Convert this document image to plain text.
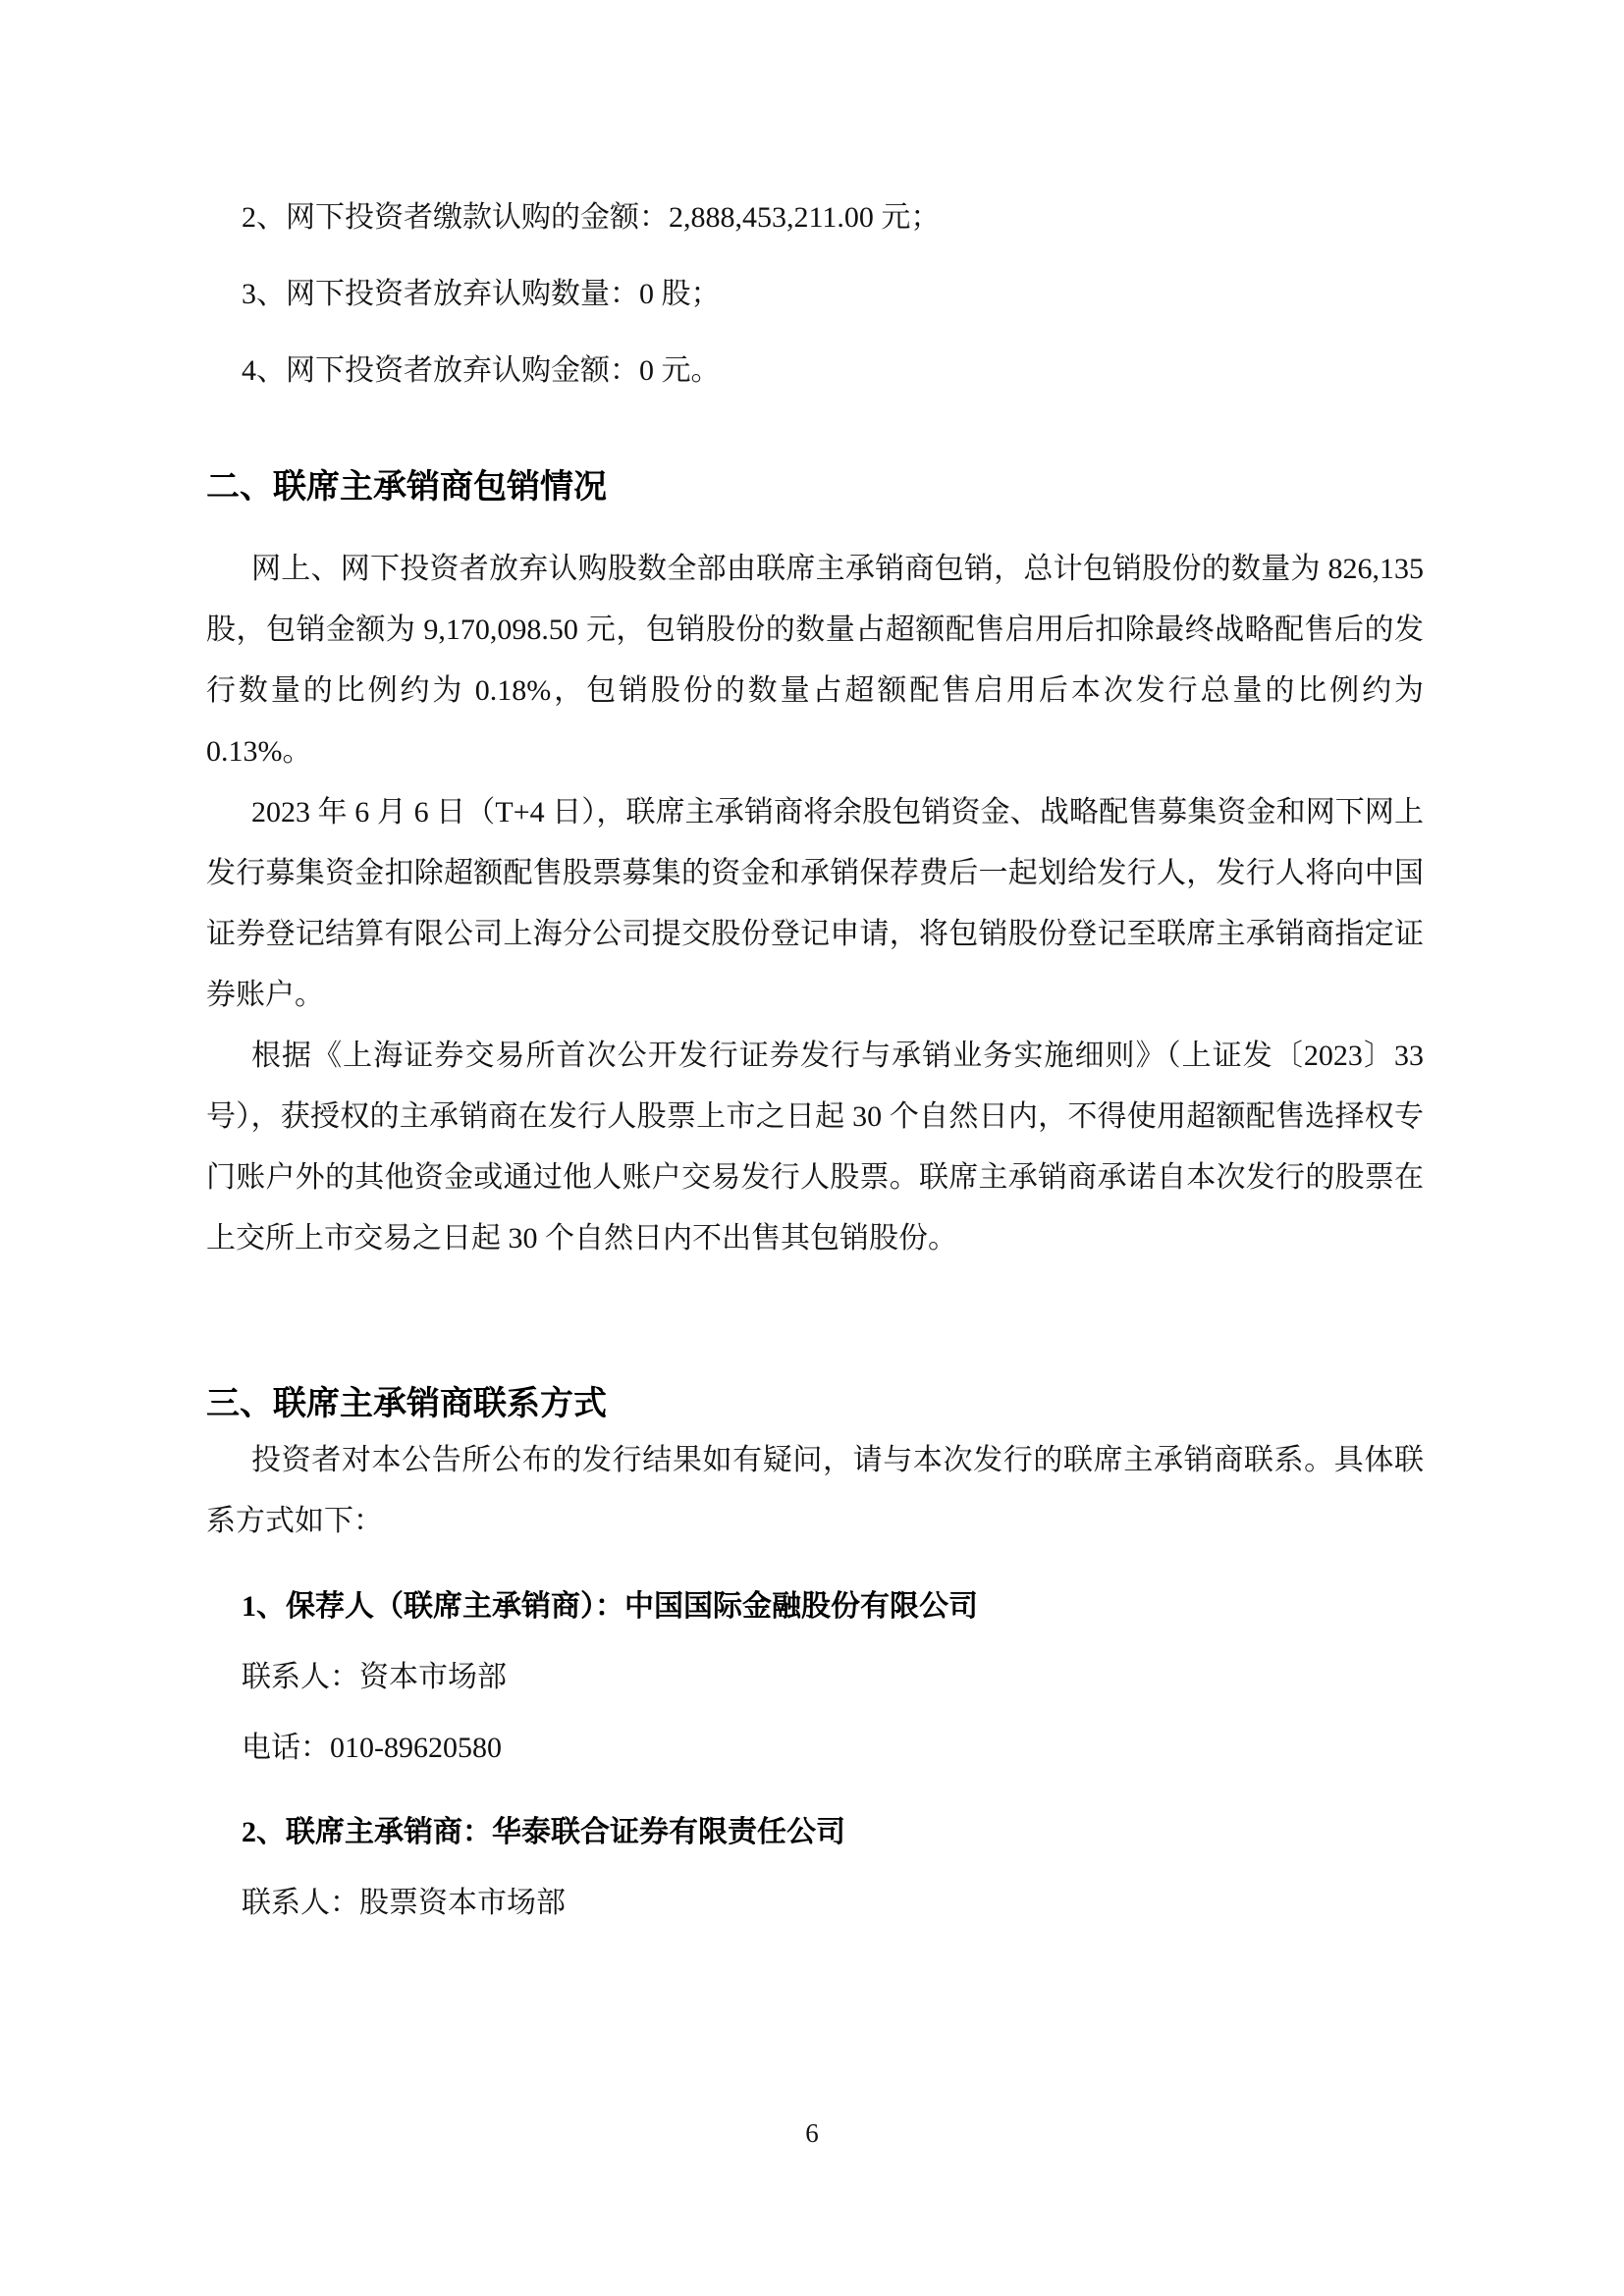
2、网下投资者缴款认购的金额：2,888,453,211.00 元；

3、网下投资者放弃认购数量：0 股；

4、网下投资者放弃认购金额：0 元。

二、联席主承销商包销情况

网上、网下投资者放弃认购股数全部由联席主承销商包销，总计包销股份的数量为 826,135 股，包销金额为 9,170,098.50 元，包销股份的数量占超额配售启用后扣除最终战略配售后的发行数量的比例约为 0.18%，包销股份的数量占超额配售启用后本次发行总量的比例约为 0.13%。

2023 年 6 月 6 日（T+4 日），联席主承销商将余股包销资金、战略配售募集资金和网下网上发行募集资金扣除超额配售股票募集的资金和承销保荐费后一起划给发行人，发行人将向中国证券登记结算有限公司上海分公司提交股份登记申请，将包销股份登记至联席主承销商指定证券账户。

根据《上海证券交易所首次公开发行证券发行与承销业务实施细则》（上证发〔2023〕33 号），获授权的主承销商在发行人股票上市之日起 30 个自然日内，不得使用超额配售选择权专门账户外的其他资金或通过他人账户交易发行人股票。联席主承销商承诺自本次发行的股票在上交所上市交易之日起 30 个自然日内不出售其包销股份。

三、联席主承销商联系方式

投资者对本公告所公布的发行结果如有疑问，请与本次发行的联席主承销商联系。具体联系方式如下：

1、保荐人（联席主承销商）：中国国际金融股份有限公司

联系人：资本市场部

电话：010-89620580

2、联席主承销商：华泰联合证券有限责任公司

联系人：股票资本市场部

6
